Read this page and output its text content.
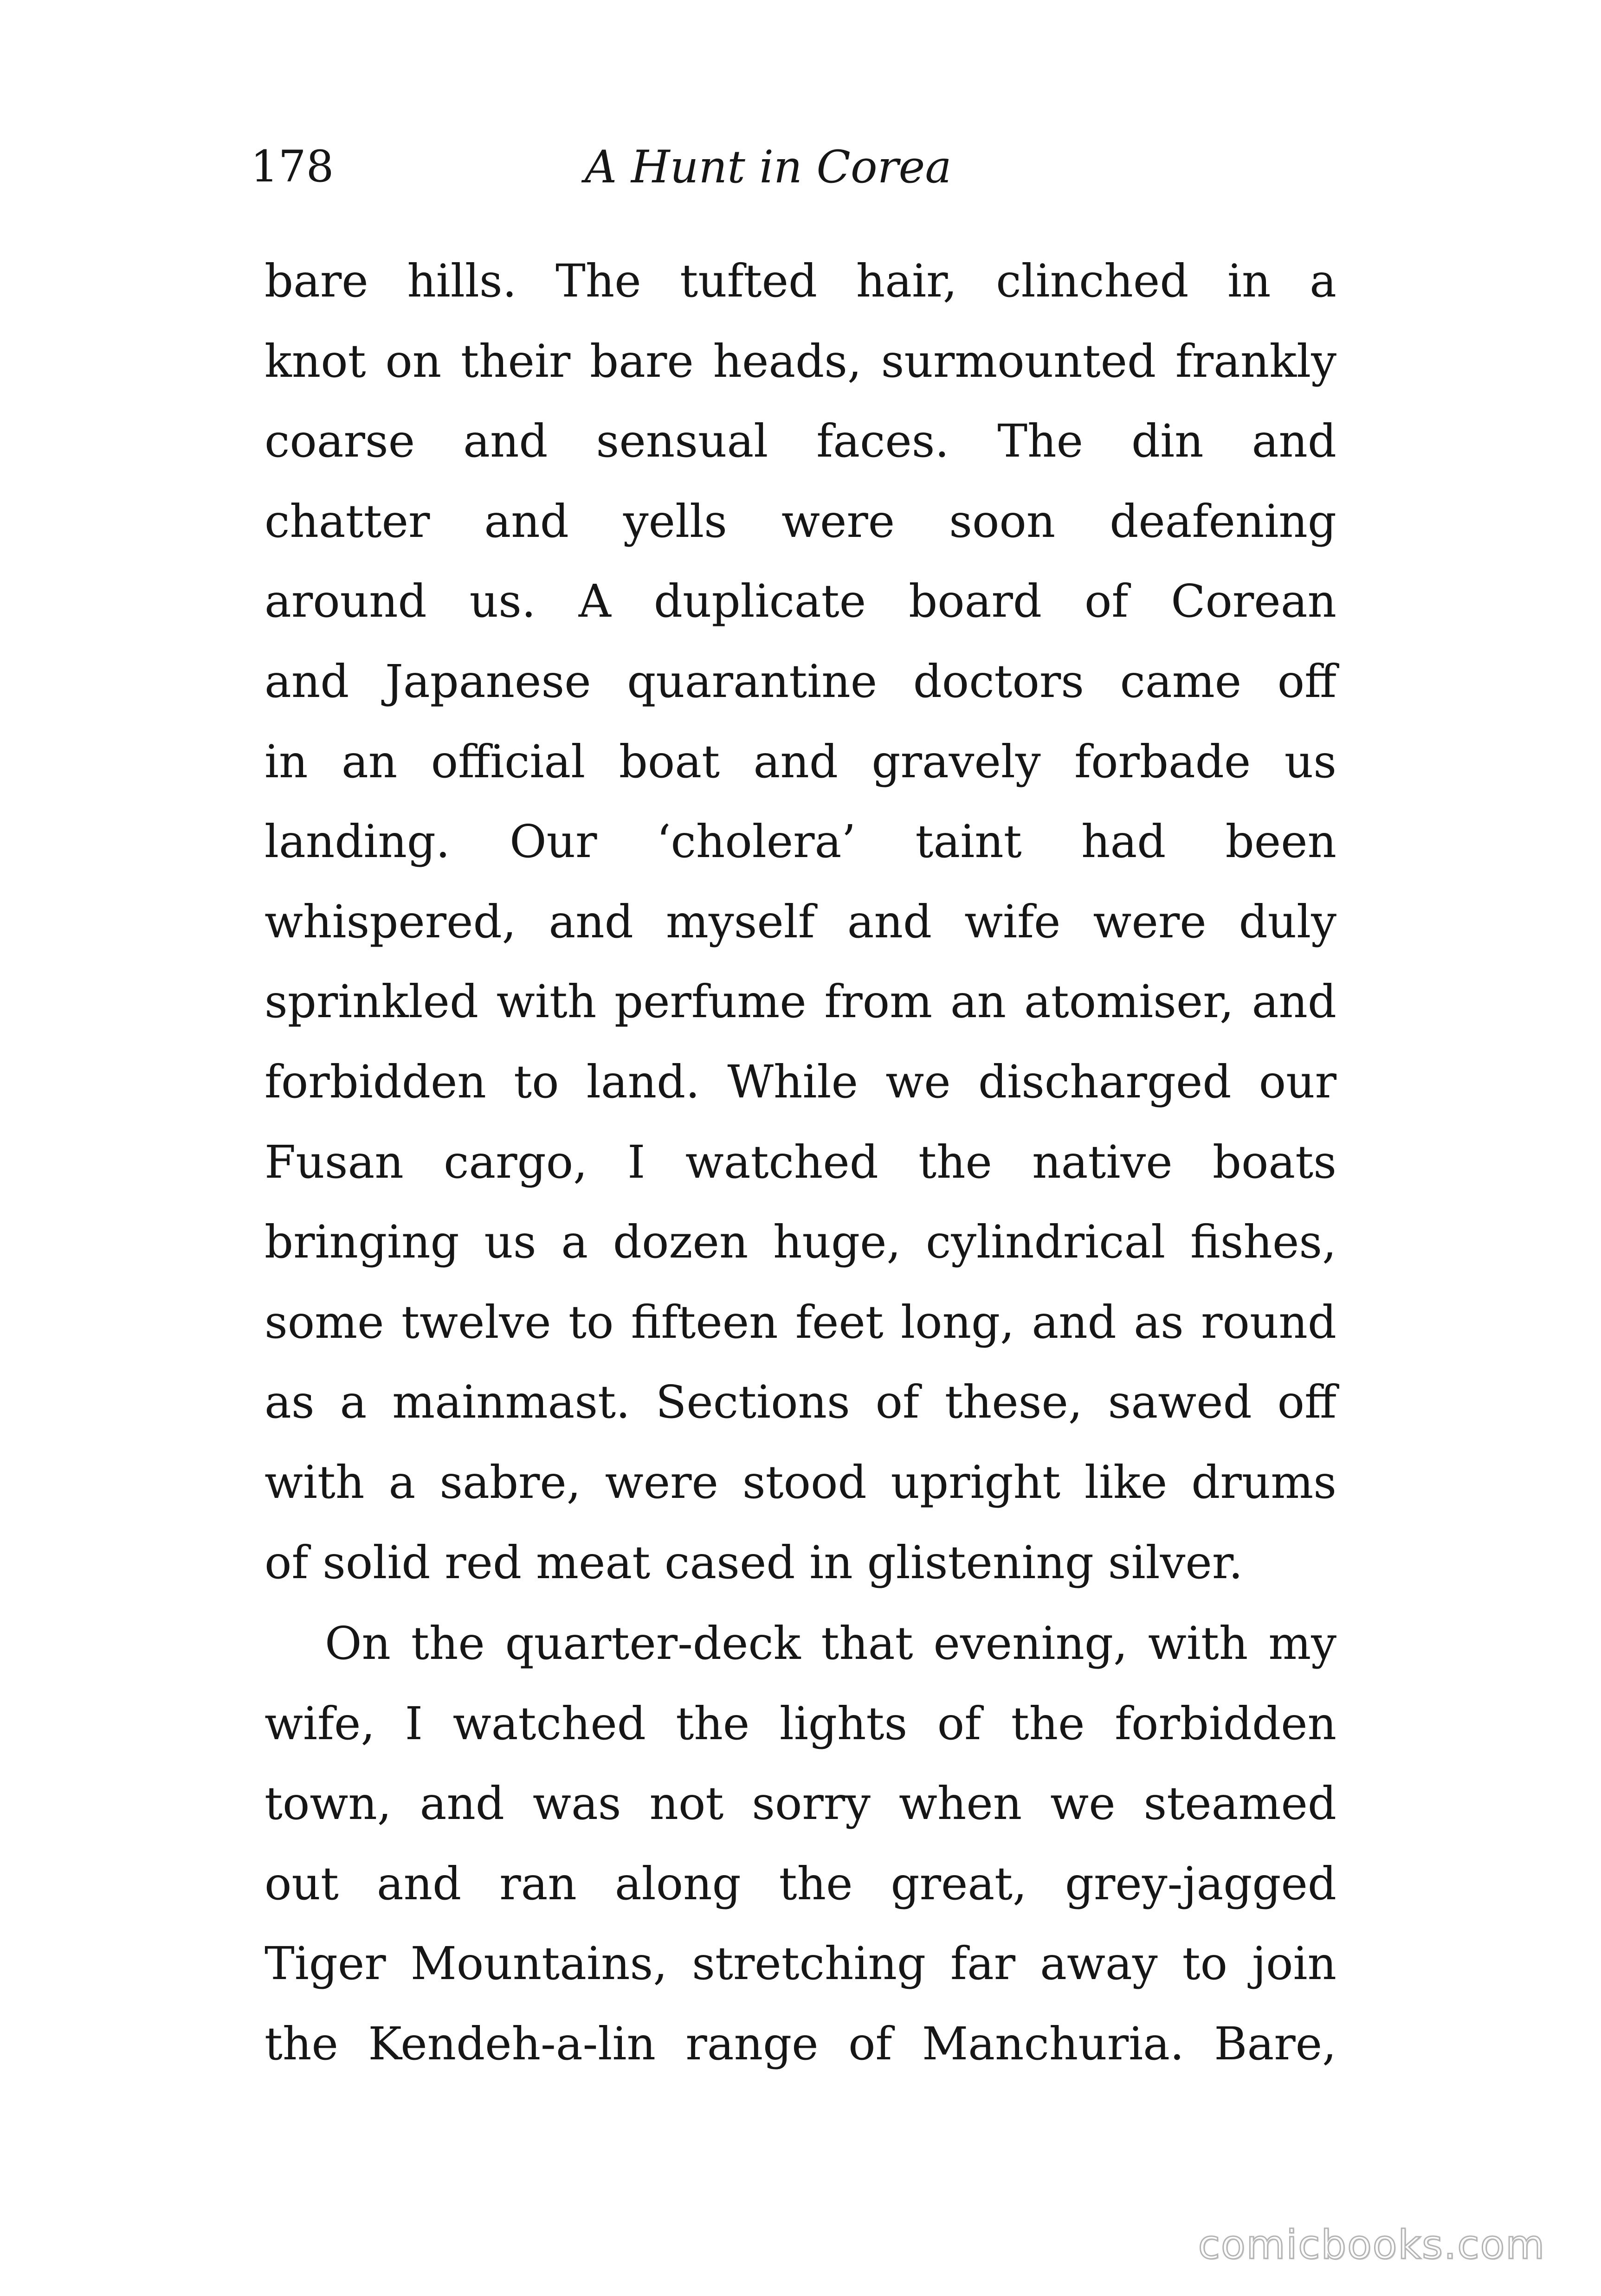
178	A Hunt in Corea
bare hills. The tufted hair, clinched in a
knot on their bare heads, surmounted frankly
coarse and sensual faces. The din and
chatter and yells were soon deafening
around us. A duplicate board of Corean
and Japanese quarantine doctors came off
in an official boat and gravely forbade us
landing. Our ‘cholera’ taint had been
whispered, and myself and wife were duly
sprinkled with perfume from an atomiser, and
forbidden to land. While we discharged our
Fusan cargo, I watched the native boats
bringing us a dozen huge, cylindrical fishes,
some twelve to fifteen feet long, and as round
as a mainmast. Sections of these, sawed off
with a sabre, were stood upright like drums
of solid red meat cased in glistening silver.
On the quarter-deck that evening, with my
wife, I watched the lights of the forbidden
town, and was not sorry when we steamed
out and ran along the great, grey-jagged
Tiger Mountains, stretching far away to join
the Kendeh-a-lin range of Manchuria. Bare,
comicbooks.com
